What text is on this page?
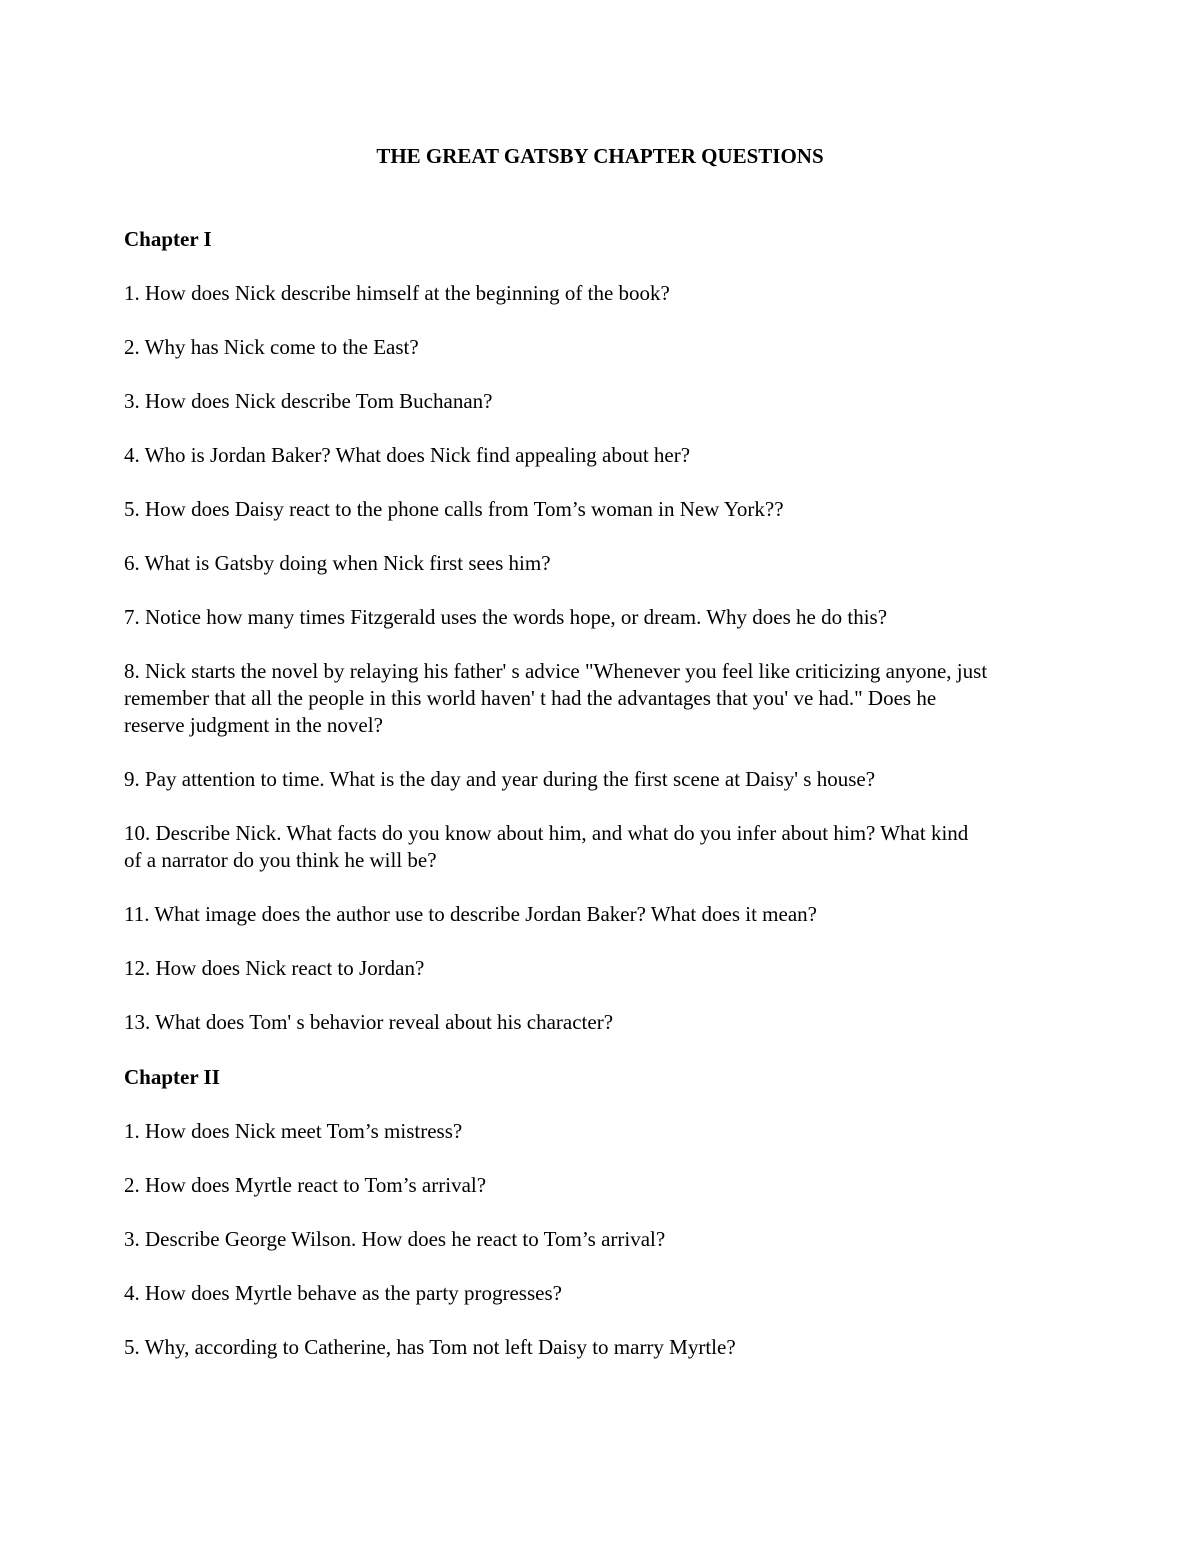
THE GREAT GATSBY CHAPTER QUESTIONS
Chapter I
1. How does Nick describe himself at the beginning of the book?
2. Why has Nick come to the East?
3. How does Nick describe Tom Buchanan?
4. Who is Jordan Baker? What does Nick find appealing about her?
5. How does Daisy react to the phone calls from Tom’s woman in New York??
6. What is Gatsby doing when Nick first sees him?
7. Notice how many times Fitzgerald uses the words hope, or dream. Why does he do this?
8. Nick starts the novel by relaying his father' s advice "Whenever you feel like criticizing anyone, just
remember that all the people in this world haven' t had the advantages that you' ve had." Does he
reserve judgment in the novel?
9. Pay attention to time. What is the day and year during the first scene at Daisy' s house?
10. Describe Nick. What facts do you know about him, and what do you infer about him? What kind
of a narrator do you think he will be?
11. What image does the author use to describe Jordan Baker? What does it mean?
12. How does Nick react to Jordan?
13. What does Tom' s behavior reveal about his character?
Chapter II
1. How does Nick meet Tom’s mistress?
2. How does Myrtle react to Tom’s arrival?
3. Describe George Wilson. How does he react to Tom’s arrival?
4. How does Myrtle behave as the party progresses?
5. Why, according to Catherine, has Tom not left Daisy to marry Myrtle?
